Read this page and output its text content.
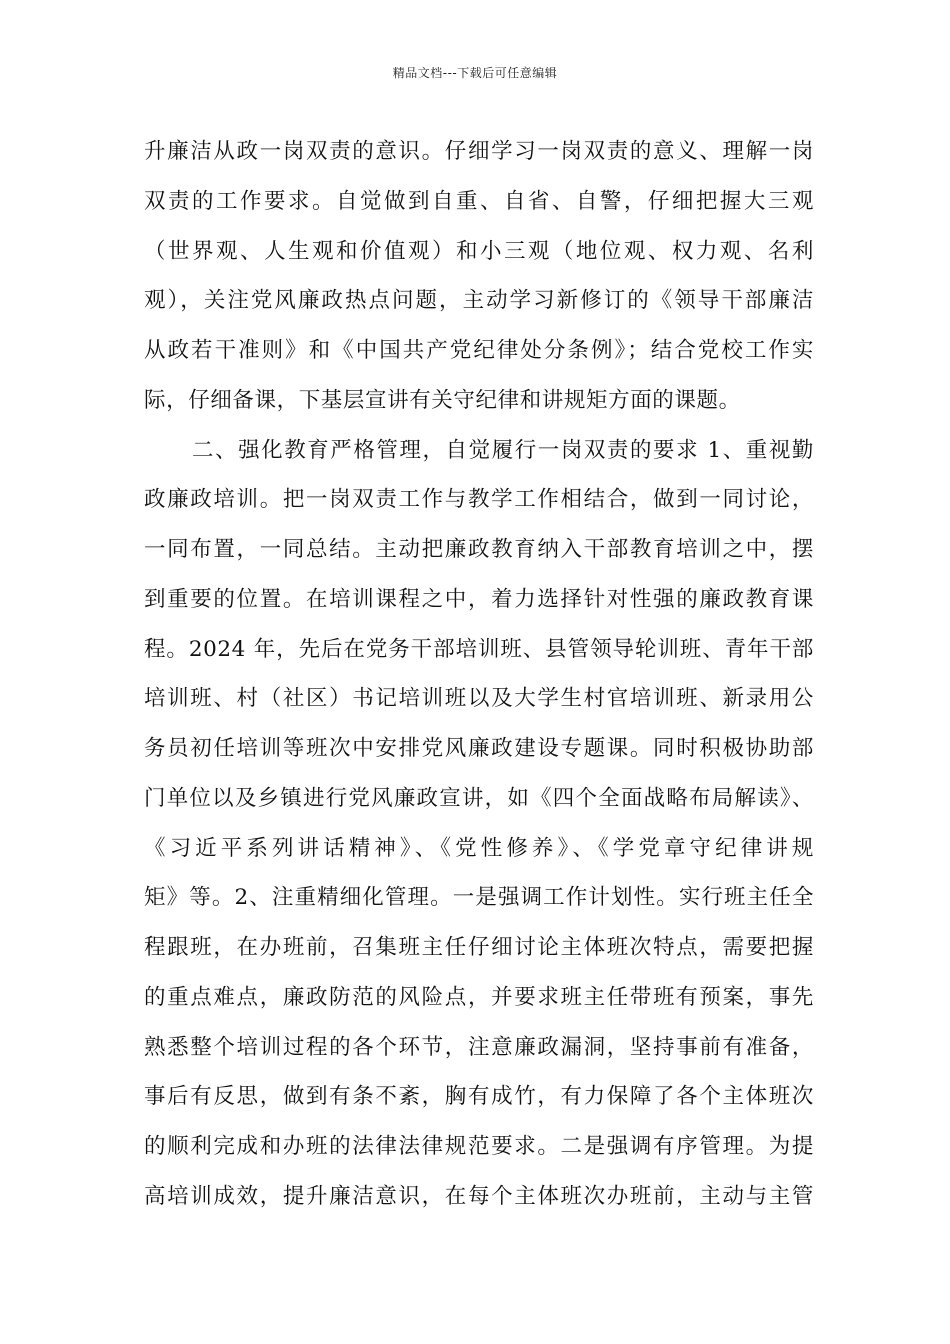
精品文档---下载后可任意编辑
升廉洁从政一岗双责的意识。仔细学习一岗双责的意义、理解一岗
双责的工作要求。自觉做到自重、自省、自警，仔细把握大三观
（世界观、人生观和价值观）和小三观（地位观、权力观、名利
观），关注党风廉政热点问题，主动学习新修订的《领导干部廉洁
从政若干准则》和《中国共产党纪律处分条例》；结合党校工作实
际，仔细备课，下基层宣讲有关守纪律和讲规矩方面的课题。
二、强化教育严格管理，自觉履行一岗双责的要求 1、重视勤
政廉政培训。把一岗双责工作与教学工作相结合，做到一同讨论，
一同布置，一同总结。主动把廉政教育纳入干部教育培训之中，摆
到重要的位置。在培训课程之中，着力选择针对性强的廉政教育课
程。2024 年，先后在党务干部培训班、县管领导轮训班、青年干部
培训班、村（社区）书记培训班以及大学生村官培训班、新录用公
务员初任培训等班次中安排党风廉政建设专题课。同时积极协助部
门单位以及乡镇进行党风廉政宣讲，如《四个全面战略布局解读》、
《习近平系列讲话精神》、《党性修养》、《学党章守纪律讲规
矩》等。2、注重精细化管理。一是强调工作计划性。实行班主任全
程跟班，在办班前，召集班主任仔细讨论主体班次特点，需要把握
的重点难点，廉政防范的风险点，并要求班主任带班有预案，事先
熟悉整个培训过程的各个环节，注意廉政漏洞，坚持事前有准备，
事后有反思，做到有条不紊，胸有成竹，有力保障了各个主体班次
的顺利完成和办班的法律法律规范要求。二是强调有序管理。为提
高培训成效，提升廉洁意识，在每个主体班次办班前，主动与主管
